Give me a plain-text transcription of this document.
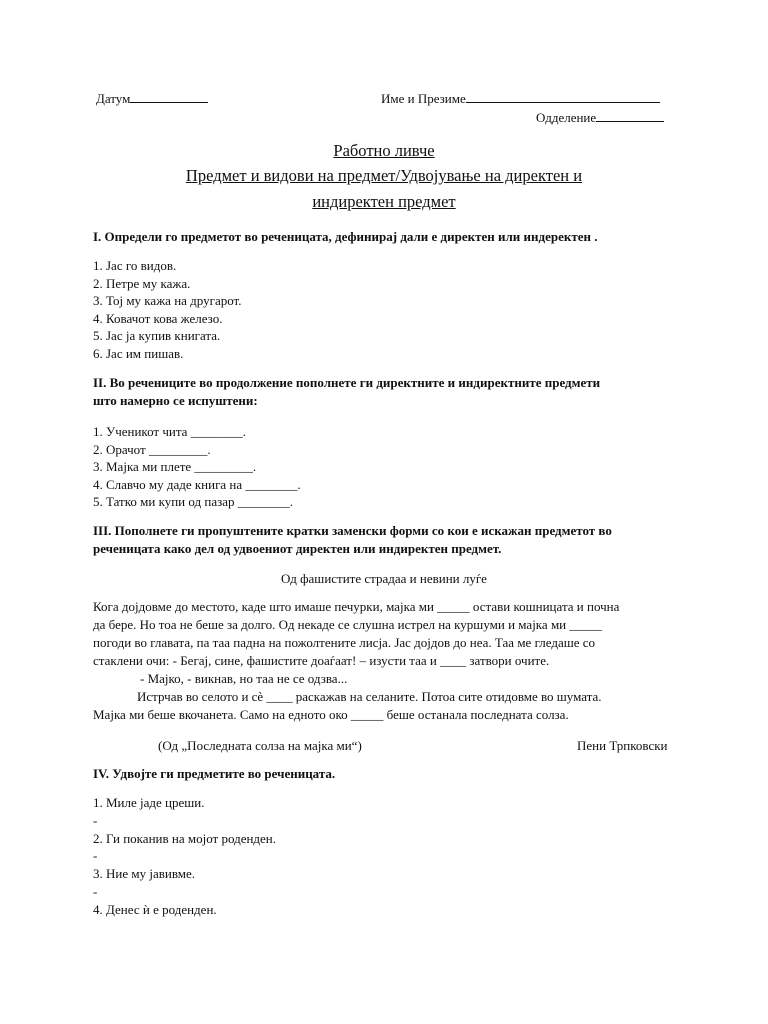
Датум	Име и Презиме
Одделение
Работно ливче
Предмет и видови на предмет/Удвојување на директен и
индиректен предмет
I. Определи го предметот во реченицата, дефинирај дали е директен или индеректен .
1. Јас го видов.
2. Петре му кажа.
3. Тој му кажа на другарот.
4. Ковачот кова железо.
5. Јас ја купив книгата.
6. Јас им пишав.
II. Во речениците во продолжение пополнете ги директните и индиректните предмети
што намерно се испуштени:
1. Ученикот чита ________.
2. Орачот _________.
3. Мајка ми плете _________.
4. Славчо му даде книга на ________.
5. Татко ми купи од пазар ________.
III. Пополнете ги пропуштените кратки заменски форми со кои е искажан предметот во
реченицата како дел од удвоениот директен или индиректен предмет.
Од фашистите страдаа и невини луѓе
Кога дојдовме до местото, каде што имаше печурки, мајка ми _____ остави кошницата и почна
да бере. Но тоа не беше за долго. Од некаде се слушна истрел на куршуми и мајка ми _____
погоди во главата, па таа падна на пожолтените лисја. Јас дојдов до неа. Таа ме гледаше со
стаклени очи: - Бегај, сине, фашистите доаѓаат! – изусти таа и ____ затвори очите.
- Мајко, - викнав, но таа не се одзва...
Истрчав во селото и сѐ ____ раскажав на селаните. Потоа сите отидовме во шумата.
Мајка ми беше вкочанета. Само на едното око _____ беше останала последната солза.
(Од „Последната солза на мајка ми“)	Пени Трпковски
IV. Удвојте ги предметите во реченицата.
1. Миле јаде цреши.
-
2. Ги поканив на мојот роденден.
-
3. Ние му јавивме.
-
4. Денес ѝ е роденден.
